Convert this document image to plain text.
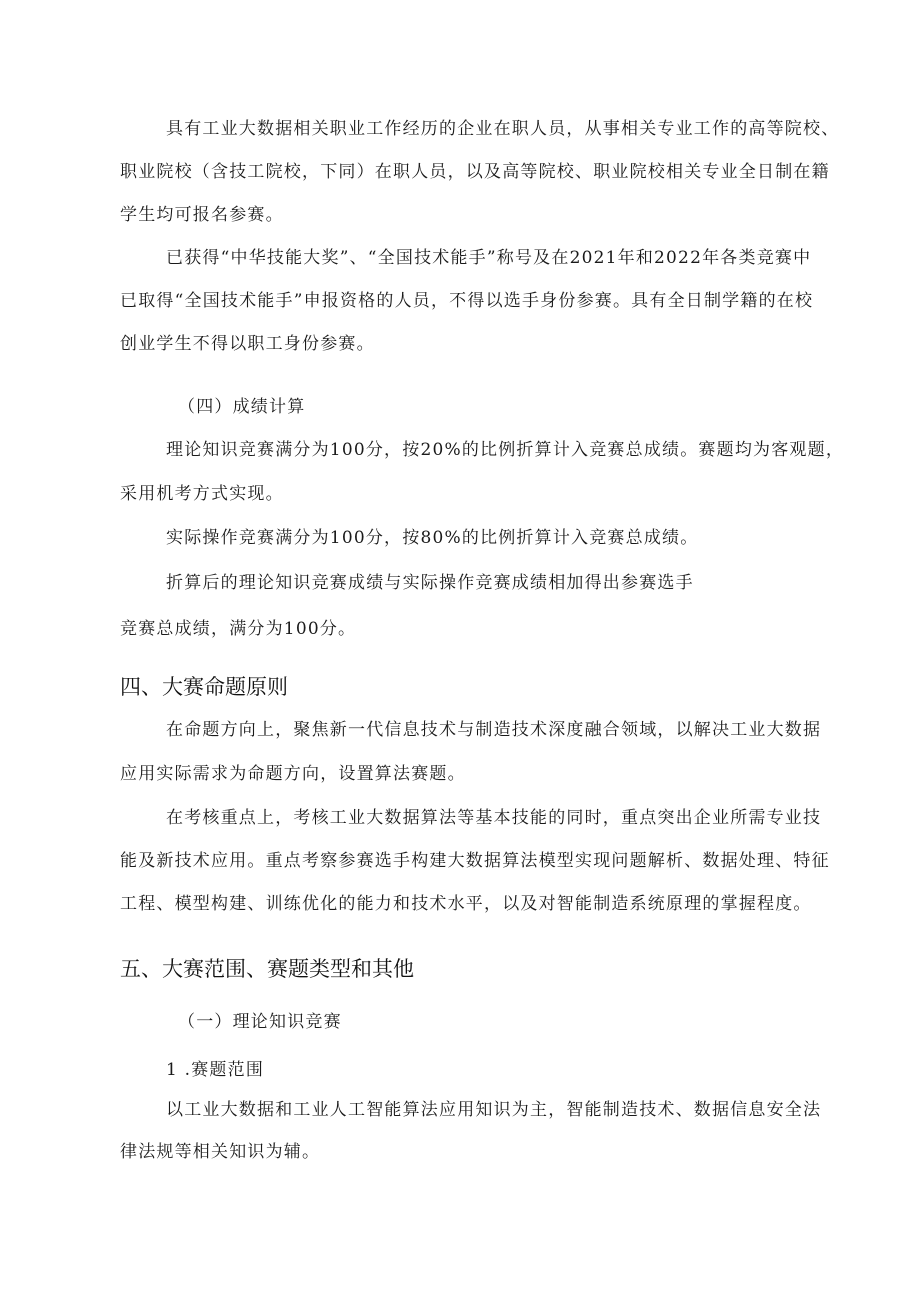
具有工业大数据相关职业工作经历的企业在职人员，从事相关专业工作的高等院校、
职业院校（含技工院校，下同）在职人员，以及高等院校、职业院校相关专业全日制在籍
学生均可报名参赛。
已获得“中华技能大奖”、“全国技术能手”称号及在2021年和2022年各类竞赛中
已取得“全国技术能手”申报资格的人员，不得以选手身份参赛。具有全日制学籍的在校
创业学生不得以职工身份参赛。
（四）成绩计算
理论知识竞赛满分为100分，按20%的比例折算计入竞赛总成绩。赛题均为客观题，
采用机考方式实现。
实际操作竞赛满分为100分，按80%的比例折算计入竞赛总成绩。
折算后的理论知识竞赛成绩与实际操作竞赛成绩相加得出参赛选手
竞赛总成绩，满分为100分。
四、大赛命题原则
在命题方向上，聚焦新一代信息技术与制造技术深度融合领域，以解决工业大数据
应用实际需求为命题方向，设置算法赛题。
在考核重点上，考核工业大数据算法等基本技能的同时，重点突出企业所需专业技
能及新技术应用。重点考察参赛选手构建大数据算法模型实现问题解析、数据处理、特征
工程、模型构建、训练优化的能力和技术水平，以及对智能制造系统原理的掌握程度。
五、大赛范围、赛题类型和其他
（一）理论知识竞赛
1 .赛题范围
以工业大数据和工业人工智能算法应用知识为主，智能制造技术、数据信息安全法
律法规等相关知识为辅。
